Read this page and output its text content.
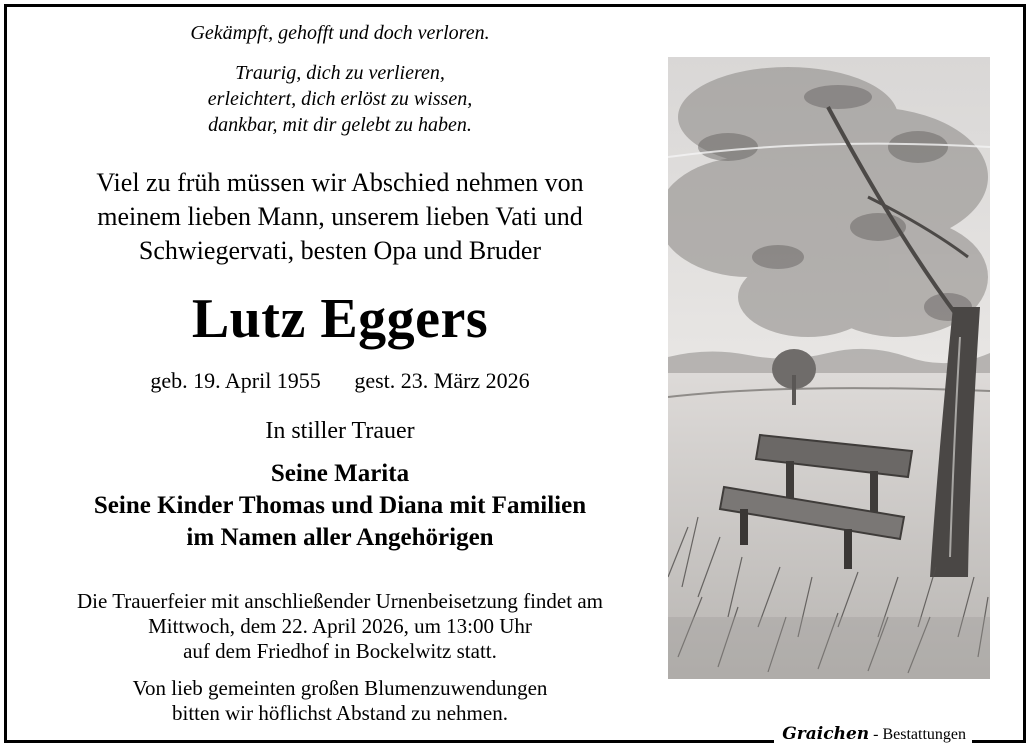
Gekämpft, gehofft und doch verloren.
Traurig, dich zu verlieren,
erleichtert, dich erlöst zu wissen,
dankbar, mit dir gelebt zu haben.
Viel zu früh müssen wir Abschied nehmen von
meinem lieben Mann, unserem lieben Vati und
Schwiegervati, besten Opa und Bruder
Lutz Eggers
geb. 19. April 1955 gest. 23. März 2026
In stiller Trauer
Seine Marita
Seine Kinder Thomas und Diana mit Familien
im Namen aller Angehörigen
Die Trauerfeier mit anschließender Urnenbeisetzung findet am
Mittwoch, dem 22. April 2026, um 13:00 Uhr
auf dem Friedhof in Bockelwitz statt.
Von lieb gemeinten großen Blumenzuwendungen
bitten wir höflichst Abstand zu nehmen.
Graichen - Bestattungen
